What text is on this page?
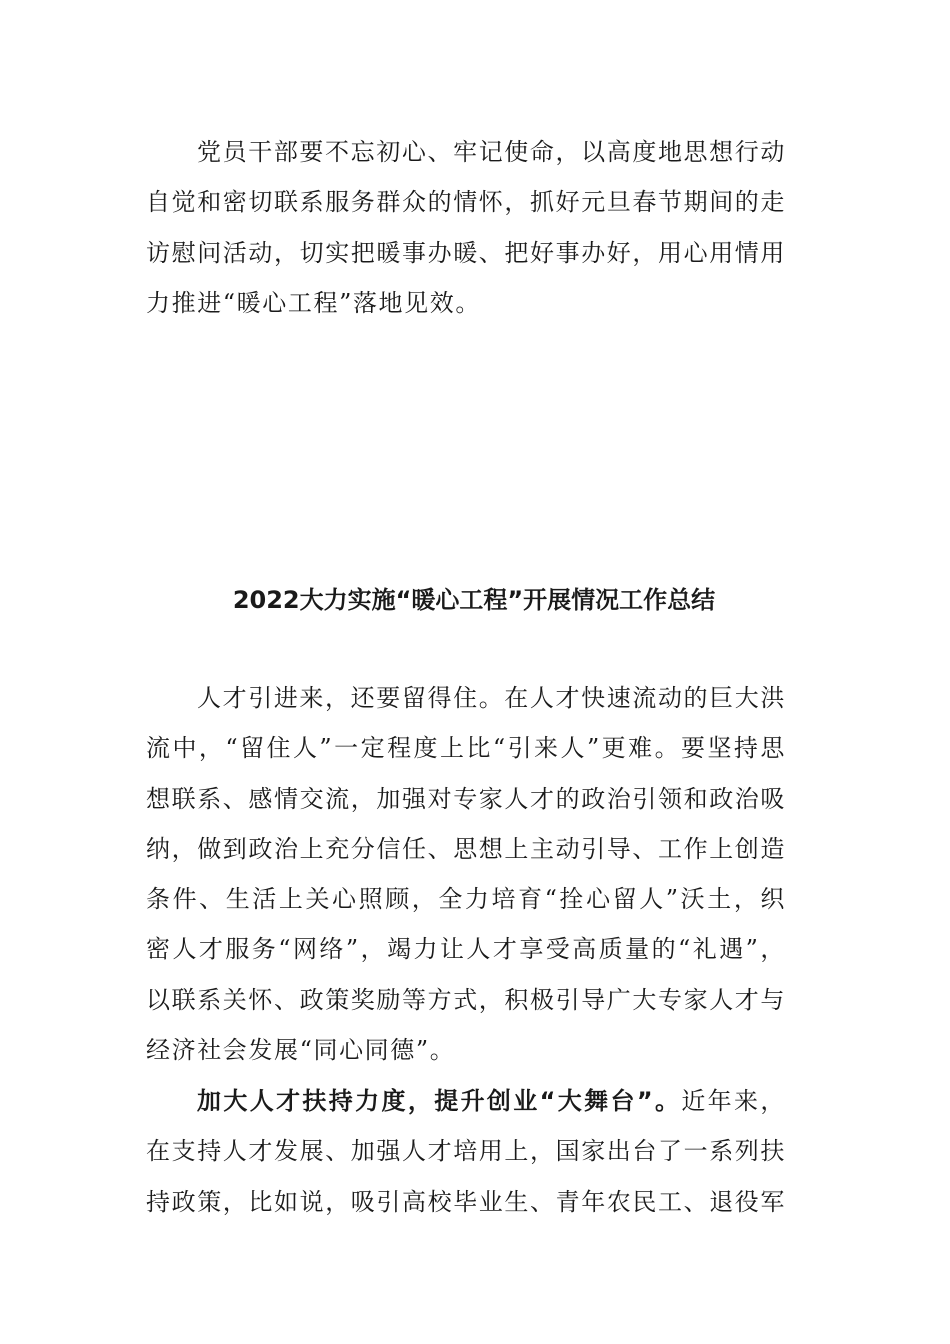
党员干部要不忘初心、牢记使命，以高度地思想行动自觉和密切联系服务群众的情怀，抓好元旦春节期间的走访慰问活动，切实把暖事办暖、把好事办好，用心用情用力推进“暖心工程”落地见效。

2022大力实施“暖心工程”开展情况工作总结

人才引进来，还要留得住。在人才快速流动的巨大洪流中，“留住人”一定程度上比“引来人”更难。要坚持思想联系、感情交流，加强对专家人才的政治引领和政治吸纳，做到政治上充分信任、思想上主动引导、工作上创造条件、生活上关心照顾，全力培育“拴心留人”沃土，织密人才服务“网络”，竭力让人才享受高质量的“礼遇”，以联系关怀、政策奖励等方式，积极引导广大专家人才与经济社会发展“同心同德”。

加大人才扶持力度，提升创业“大舞台”。近年来，在支持人才发展、加强人才培用上，国家出台了一系列扶持政策，比如说，吸引高校毕业生、青年农民工、退役军
